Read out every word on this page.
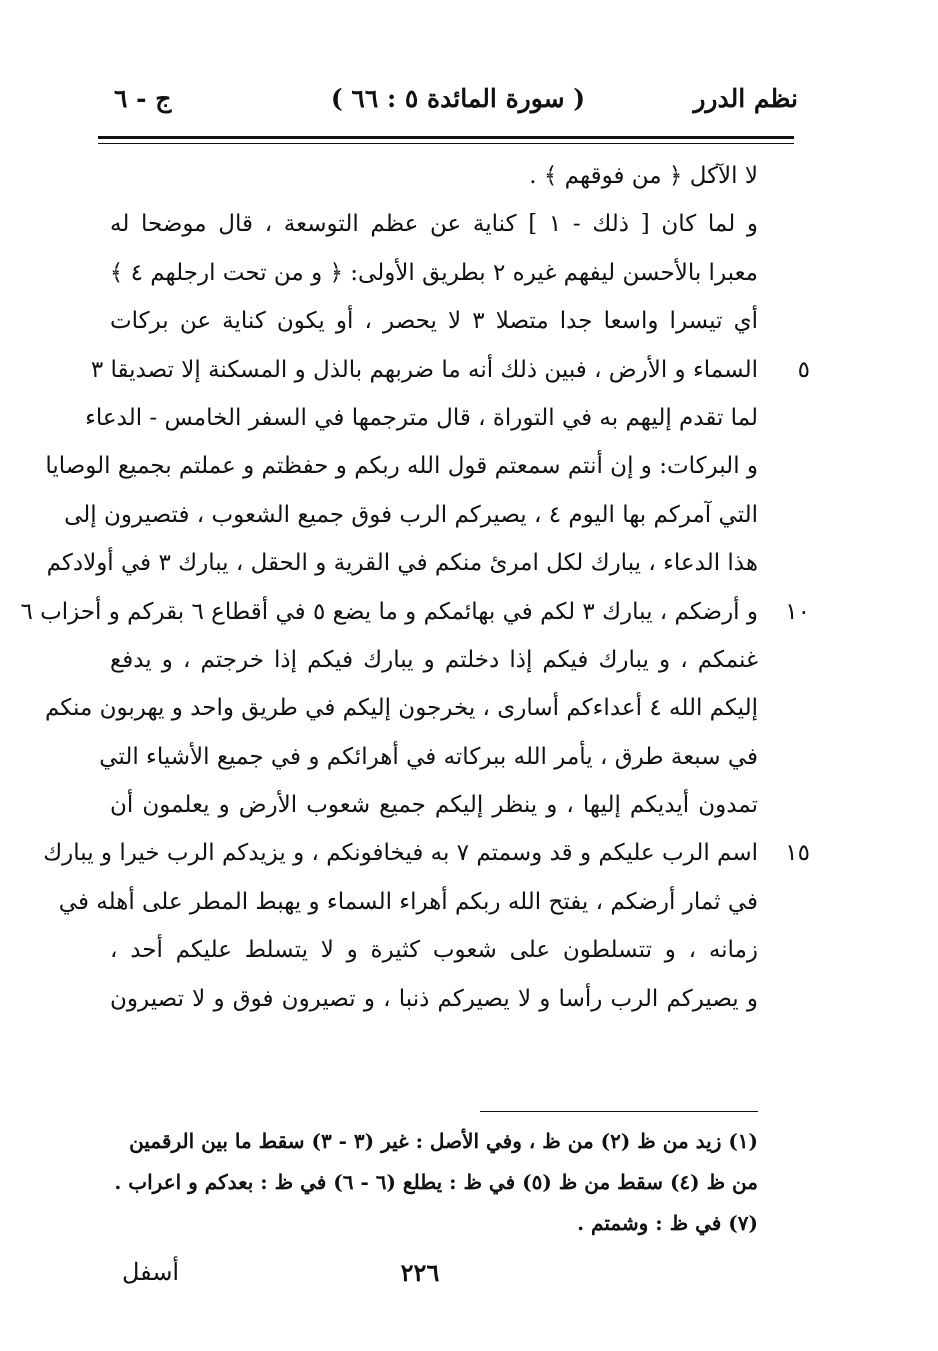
نظم الدرر
( سورة المائدة ٥ : ٦٦ )
ج - ٦
لا الآكل ﴿ من فوقهم ﴾ .
و لما كان [ ذلك - ١ ] كناية عن عظم التوسعة ، قال موضحا له
معبرا بالأحسن ليفهم غيره ٢ بطريق الأولى: ﴿ و من تحت ارجلهم ٤ ﴾
أي تيسرا واسعا جدا متصلا ٣ لا يحصر ، أو يكون كناية عن بركات
٥
السماء و الأرض ، فبين ذلك أنه ما ضربهم بالذل و المسكنة إلا تصديقا ٣
لما تقدم إليهم به في التوراة ، قال مترجمها في السفر الخامس - الدعاء
و البركات: و إن أنتم سمعتم قول الله ربكم و حفظتم و عملتم بجميع الوصايا
التي آمركم بها اليوم ٤ ، يصيركم الرب فوق جميع الشعوب ، فتصيرون إلى
هذا الدعاء ، يبارك لكل امرئ منكم في القرية و الحقل ، يبارك ٣ في أولادكم
١٠
و أرضكم ، يبارك ٣ لكم في بهائمكم و ما يضع ٥ في أقطاع ٦ بقركم و أحزاب ٦
غنمكم ، و يبارك فيكم إذا دخلتم و يبارك فيكم إذا خرجتم ، و يدفع
إليكم الله ٤ أعداءكم أسارى ، يخرجون إليكم في طريق واحد و يهربون منكم
في سبعة طرق ، يأمر الله ببركاته في أهرائكم و في جميع الأشياء التي
تمدون أيديكم إليها ، و ينظر إليكم جميع شعوب الأرض و يعلمون أن
١٥
اسم الرب عليكم و قد وسمتم ٧ به فيخافونكم ، و يزيدكم الرب خيرا و يبارك
في ثمار أرضكم ، يفتح الله ربكم أهراء السماء و يهبط المطر على أهله في
زمانه ، و تتسلطون على شعوب كثيرة و لا يتسلط عليكم أحد ،
و يصيركم الرب رأسا و لا يصيركم ذنبا ، و تصيرون فوق و لا تصيرون
(١) زيد من ظ (٢) من ظ ، وفي الأصل : غير (٣ - ٣) سقط ما بين الرقمين
من ظ (٤) سقط من ظ (٥) في ظ : يطلع (٦ - ٦) في ظ : بعدكم و اعراب .
(٧) في ظ : وشمتم .
٢٢٦
أسفل
